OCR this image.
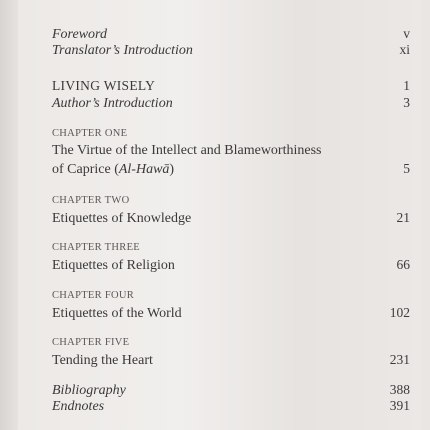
Foreword	v
Translator’s Introduction	xi
LIVING WISELY	1
Author’s Introduction	3
CHAPTER ONE
The Virtue of the Intellect and Blameworthiness
of Caprice (Al-Hawā)	5
CHAPTER TWO
Etiquettes of Knowledge	21
CHAPTER THREE
Etiquettes of Religion	66
CHAPTER FOUR
Etiquettes of the World	102
CHAPTER FIVE
Tending the Heart	231
Bibliography	388
Endnotes	391
